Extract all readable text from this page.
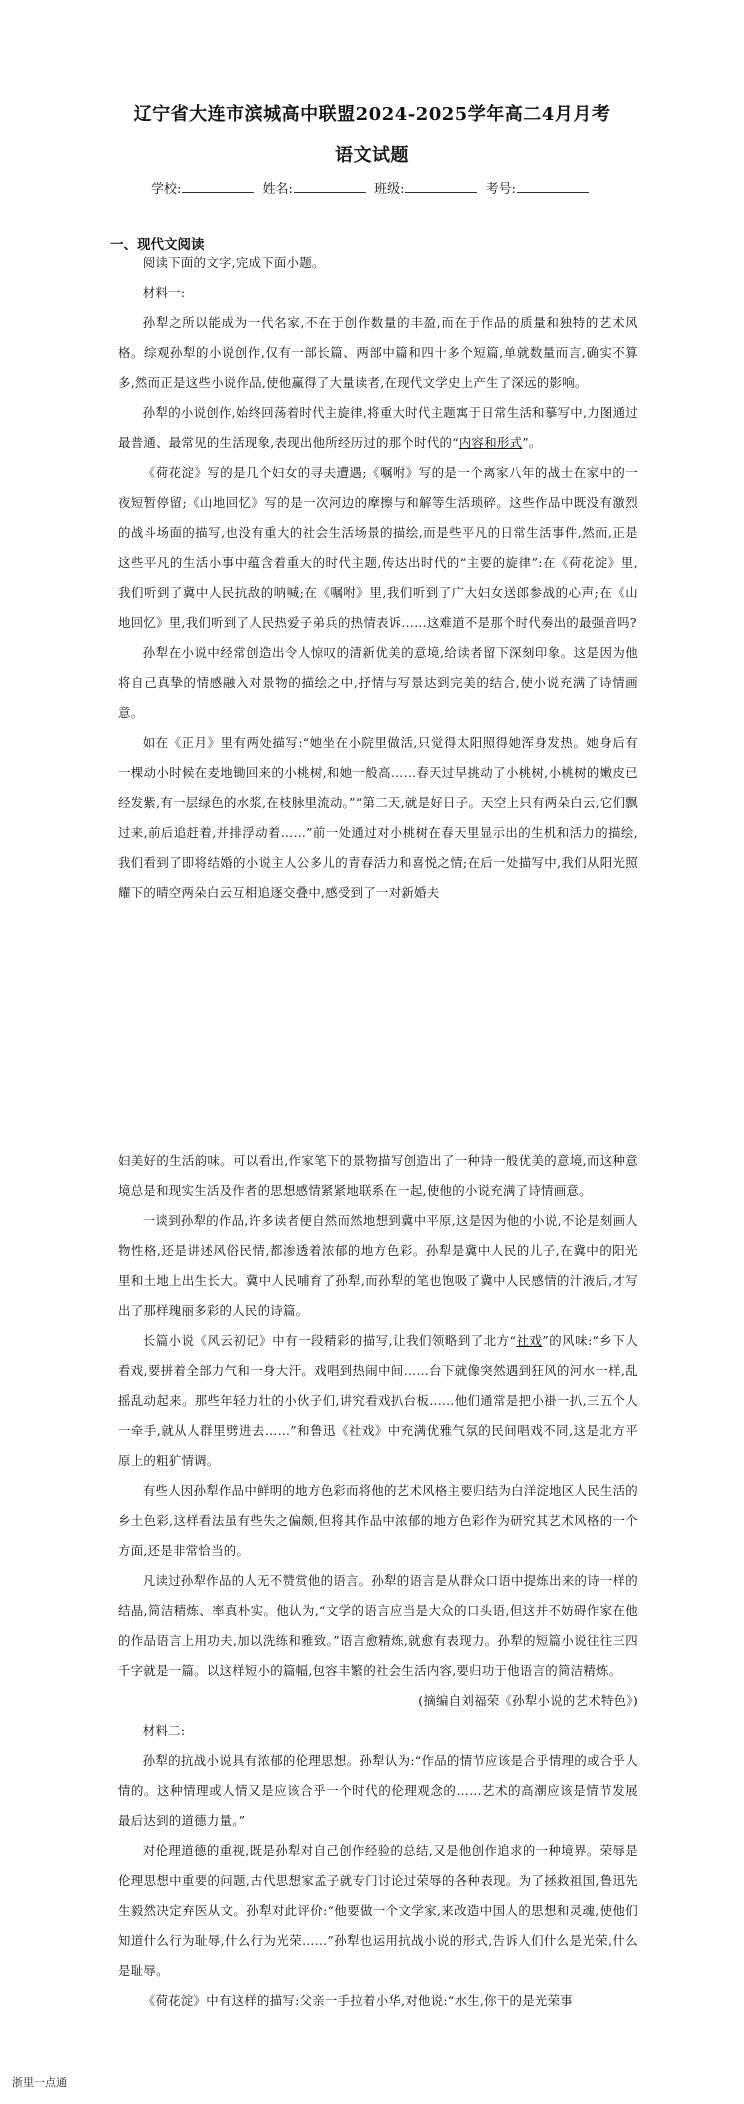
辽宁省大连市滨城高中联盟2024-2025学年高二4月月考
语文试题
学校:	姓名:	班级:	考号:
一、现代文阅读

阅读下面的文字,完成下面小题。

材料一:

孙犁之所以能成为一代名家,不在于创作数量的丰盈,而在于作品的质量和独特的艺术风格。综观孙犁的小说创作,仅有一部长篇、两部中篇和四十多个短篇,单就数量而言,确实不算多,然而正是这些小说作品,使他赢得了大量读者,在现代文学史上产生了深远的影响。

孙犁的小说创作,始终回荡着时代主旋律,将重大时代主题寓于日常生活和摹写中,力图通过最普通、最常见的生活现象,表现出他所经历过的那个时代的“内容和形式”。

《荷花淀》写的是几个妇女的寻夫遭遇;《嘱咐》写的是一个离家八年的战士在家中的一夜短暂停留;《山地回忆》写的是一次河边的摩擦与和解等生活琐碎。这些作品中既没有激烈的战斗场面的描写,也没有重大的社会生活场景的描绘,而是些平凡的日常生活事件,然而,正是这些平凡的生活小事中蕴含着重大的时代主题,传达出时代的“主要的旋律”:在《荷花淀》里,我们听到了冀中人民抗敌的呐喊;在《嘱咐》里,我们听到了广大妇女送郎参战的心声;在《山地回忆》里,我们听到了人民热爱子弟兵的热情表诉……这难道不是那个时代奏出的最强音吗?

孙犁在小说中经常创造出令人惊叹的清新优美的意境,给读者留下深刻印象。这是因为他将自己真挚的情感融入对景物的描绘之中,抒情与写景达到完美的结合,使小说充满了诗情画意。

如在《正月》里有两处描写:“她坐在小院里做活,只觉得太阳照得她浑身发热。她身后有一棵动小时候在麦地锄回来的小桃树,和她一般高……春天过早挑动了小桃树,小桃树的嫩皮已经发紫,有一层绿色的水浆,在枝脉里流动。”“第二天,就是好日子。天空上只有两朵白云,它们飘过来,前后追赶着,并排浮动着……”前一处通过对小桃树在春天里显示出的生机和活力的描绘,我们看到了即将结婚的小说主人公多儿的青春活力和喜悦之情;在后一处描写中,我们从阳光照耀下的晴空两朵白云互相追逐交叠中,感受到了一对新婚夫

妇美好的生活韵味。可以看出,作家笔下的景物描写创造出了一种诗一般优美的意境,而这种意境总是和现实生活及作者的思想感情紧紧地联系在一起,使他的小说充满了诗情画意。

一谈到孙犁的作品,许多读者便自然而然地想到冀中平原,这是因为他的小说,不论是刻画人物性格,还是讲述风俗民情,都渗透着浓郁的地方色彩。孙犁是冀中人民的儿子,在冀中的阳光里和土地上出生长大。冀中人民哺育了孙犁,而孙犁的笔也饱吸了冀中人民感情的汁液后,才写出了那样瑰丽多彩的人民的诗篇。

长篇小说《风云初记》中有一段精彩的描写,让我们领略到了北方“社戏”的风味:“乡下人看戏,要拼着全部力气和一身大汗。戏唱到热闹中间……台下就像突然遇到狂风的河水一样,乱摇乱动起来。那些年轻力壮的小伙子们,讲究看戏扒台板……他们通常是把小褂一扒,三五个人一牵手,就从人群里劈进去……”和鲁迅《社戏》中充满优雅气氛的民间唱戏不同,这是北方平原上的粗犷情调。

有些人因孙犁作品中鲜明的地方色彩而将他的艺术风格主要归结为白洋淀地区人民生活的乡土色彩,这样看法虽有些失之偏颇,但将其作品中浓郁的地方色彩作为研究其艺术风格的一个方面,还是非常恰当的。

凡读过孙犁作品的人无不赞赏他的语言。孙犁的语言是从群众口语中提炼出来的诗一样的结晶,简洁精炼、率真朴实。他认为,“文学的语言应当是大众的口头语,但这并不妨碍作家在他的作品语言上用功夫,加以洗练和雅致。”语言愈精炼,就愈有表现力。孙犁的短篇小说往往三四千字就是一篇。以这样短小的篇幅,包容丰繁的社会生活内容,要归功于他语言的简洁精炼。

(摘编自刘福荣《孙犁小说的艺术特色》)

材料二:

孙犁的抗战小说具有浓郁的伦理思想。孙犁认为:“作品的情节应该是合乎情理的或合乎人情的。这种情理或人情又是应该合乎一个时代的伦理观念的……艺术的高潮应该是情节发展最后达到的道德力量。”

对伦理道德的重视,既是孙犁对自己创作经验的总结,又是他创作追求的一种境界。荣辱是伦理思想中重要的问题,古代思想家孟子就专门讨论过荣辱的各种表现。为了拯救祖国,鲁迅先生毅然决定弃医从文。孙犁对此评价:“他要做一个文学家,来改造中国人的思想和灵魂,使他们知道什么行为耻辱,什么行为光荣……”孙犁也运用抗战小说的形式,告诉人们什么是光荣,什么是耻辱。

《荷花淀》中有这样的描写:父亲一手拉着小华,对他说:“水生,你干的是光荣事

浙里一点通
